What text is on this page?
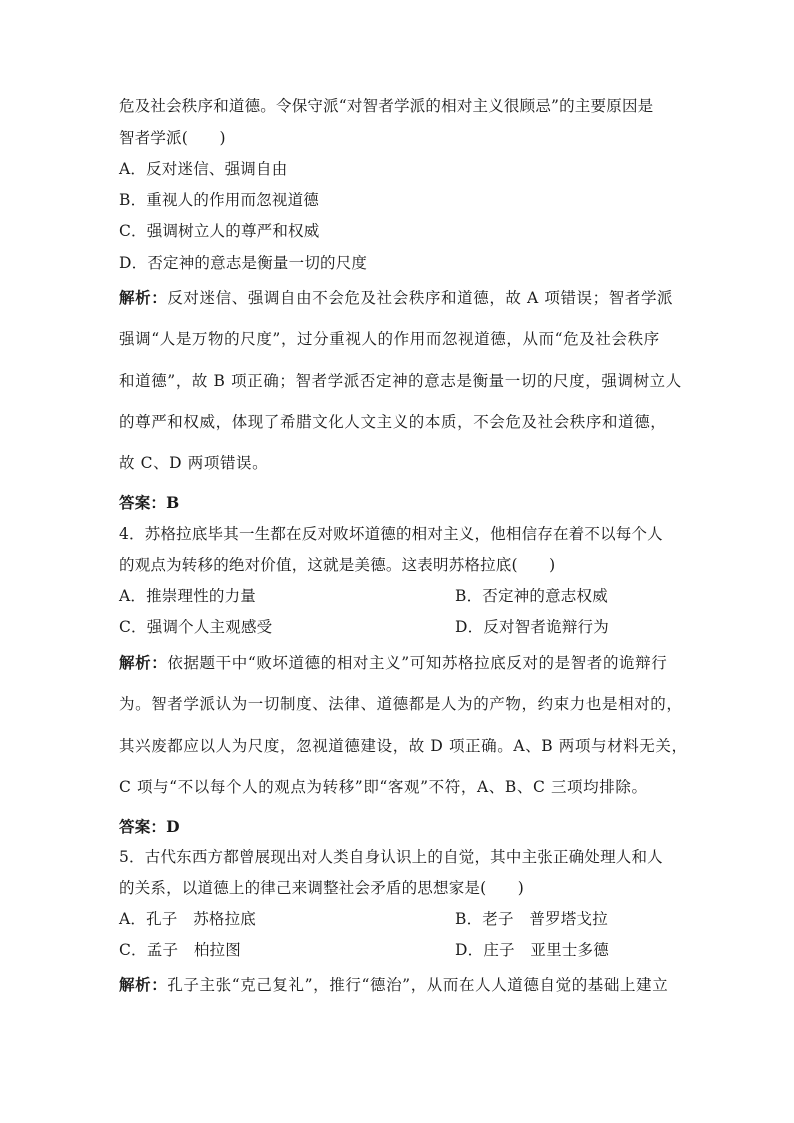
危及社会秩序和道德。令保守派“对智者学派的相对主义很顾忌”的主要原因是
智者学派(　　)
A．反对迷信、强调自由
B．重视人的作用而忽视道德
C．强调树立人的尊严和权威
D．否定神的意志是衡量一切的尺度
解析：反对迷信、强调自由不会危及社会秩序和道德，故 A 项错误；智者学派
强调“人是万物的尺度”，过分重视人的作用而忽视道德，从而“危及社会秩序
和道德”，故 B 项正确；智者学派否定神的意志是衡量一切的尺度，强调树立人
的尊严和权威，体现了希腊文化人文主义的本质，不会危及社会秩序和道德，
故 C、D 两项错误。
答案：B
4．苏格拉底毕其一生都在反对败坏道德的相对主义，他相信存在着不以每个人
的观点为转移的绝对价值，这就是美德。这表明苏格拉底(　　)
A．推崇理性的力量	B．否定神的意志权威
C．强调个人主观感受	D．反对智者诡辩行为
解析：依据题干中“败坏道德的相对主义”可知苏格拉底反对的是智者的诡辩行
为。智者学派认为一切制度、法律、道德都是人为的产物，约束力也是相对的，
其兴废都应以人为尺度，忽视道德建设，故 D 项正确。A、B 两项与材料无关，
C 项与“不以每个人的观点为转移”即“客观”不符，A、B、C 三项均排除。
答案：D
5．古代东西方都曾展现出对人类自身认识上的自觉，其中主张正确处理人和人
的关系，以道德上的律己来调整社会矛盾的思想家是(　　)
A．孔子　苏格拉底	B．老子　普罗塔戈拉
C．孟子　柏拉图	D．庄子　亚里士多德
解析：孔子主张“克己复礼”，推行“德治”，从而在人人道德自觉的基础上建立
